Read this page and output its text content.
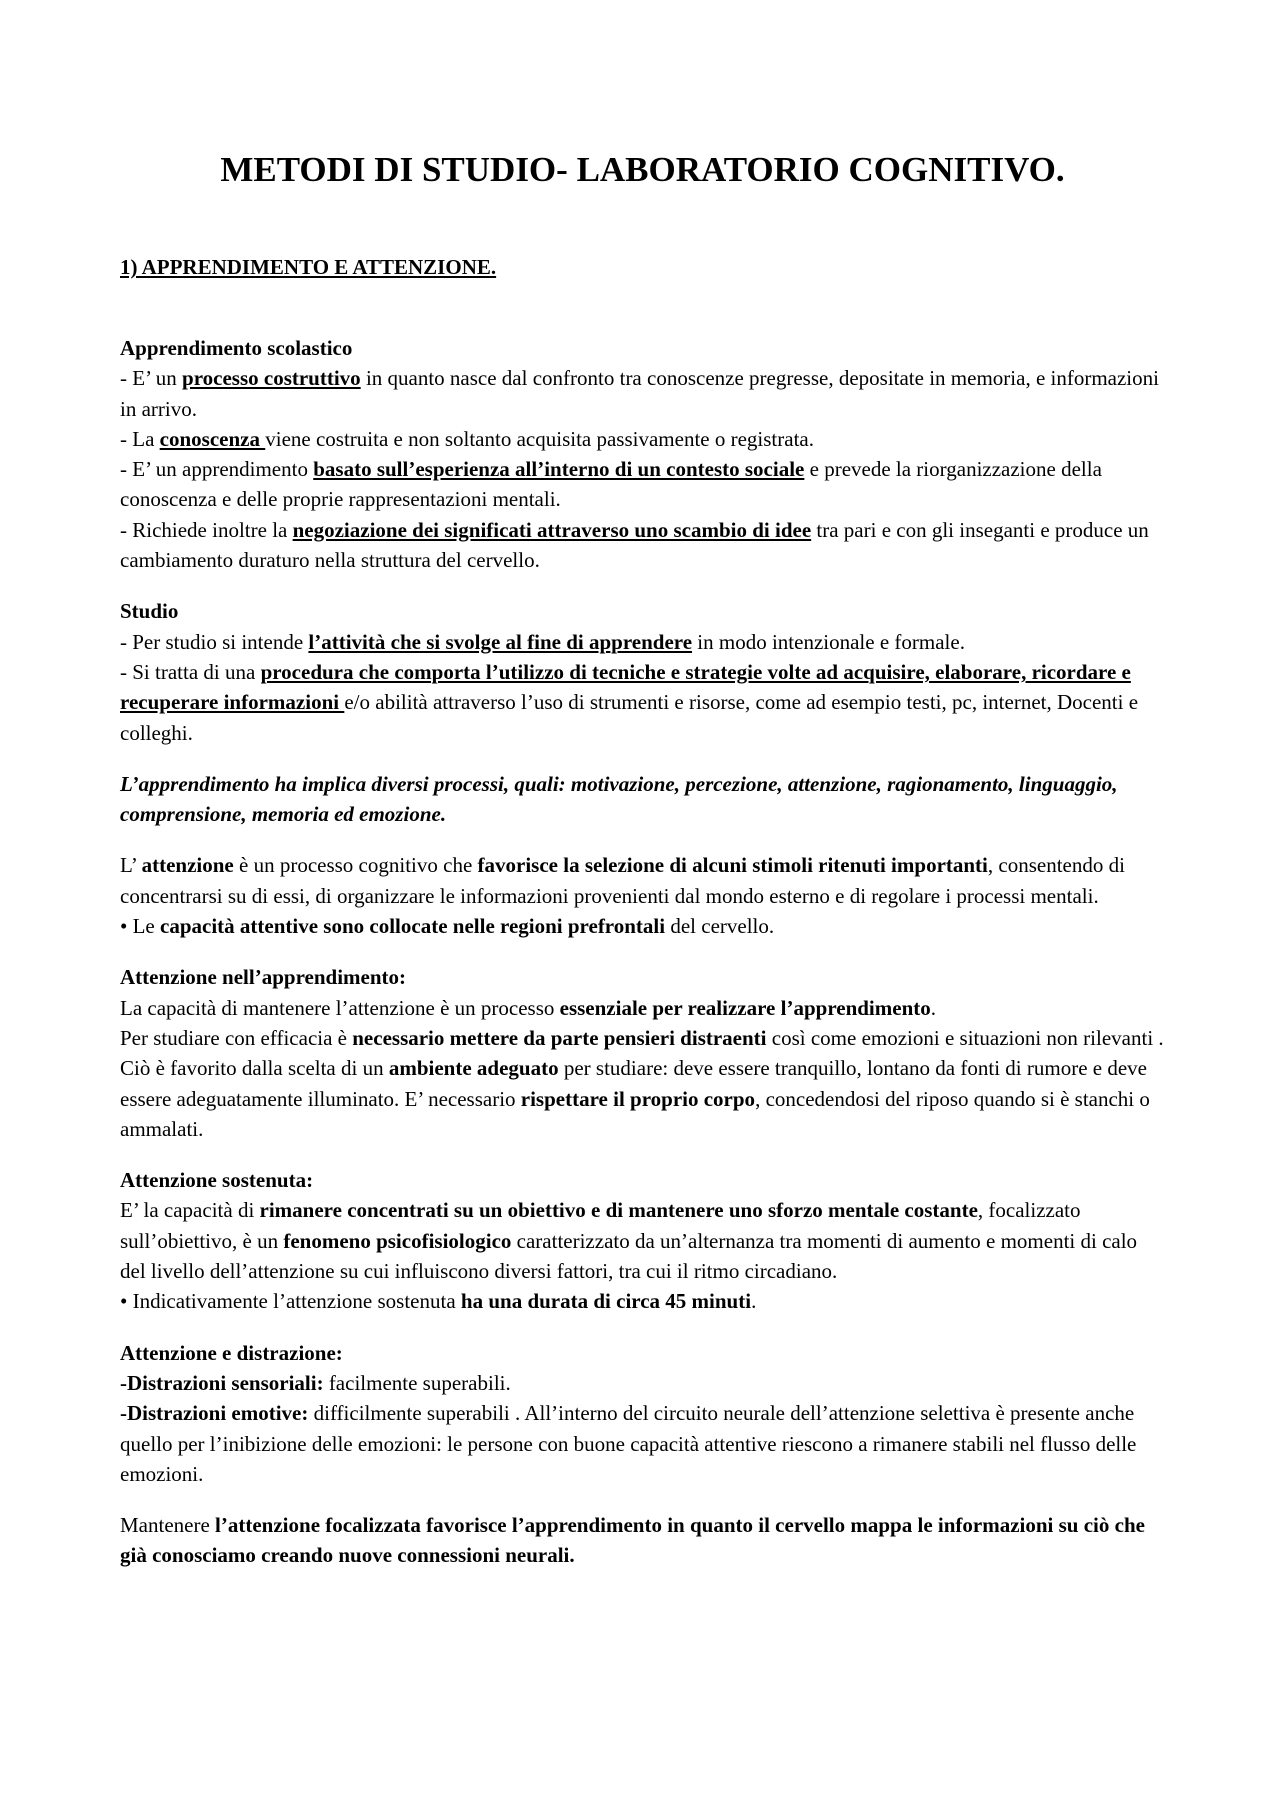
METODI DI STUDIO- LABORATORIO COGNITIVO.
1) APPRENDIMENTO E ATTENZIONE.

Apprendimento scolastico
- E’ un processo costruttivo in quanto nasce dal confronto tra conoscenze pregresse, depositate in memoria, e informazioni in arrivo.
- La conoscenza viene costruita e non soltanto acquisita passivamente o registrata.
- E’ un apprendimento basato sull’esperienza all’interno di un contesto sociale e prevede la riorganizzazione della conoscenza e delle proprie rappresentazioni mentali.
- Richiede inoltre la negoziazione dei significati attraverso uno scambio di idee tra pari e con gli inseganti e produce un cambiamento duraturo nella struttura del cervello.

Studio
- Per studio si intende l’attività che si svolge al fine di apprendere in modo intenzionale e formale.
- Si tratta di una procedura che comporta l’utilizzo di tecniche e strategie volte ad acquisire, elaborare, ricordare e recuperare informazioni e/o abilità attraverso l’uso di strumenti e risorse, come ad esempio testi, pc, internet, Docenti e colleghi.

L’apprendimento ha implica diversi processi, quali: motivazione, percezione, attenzione, ragionamento, linguaggio, comprensione, memoria ed emozione.

L’ attenzione è un processo cognitivo che favorisce la selezione di alcuni stimoli ritenuti importanti, consentendo di concentrarsi su di essi, di organizzare le informazioni provenienti dal mondo esterno e di regolare i processi mentali.
• Le capacità attentive sono collocate nelle regioni prefrontali del cervello.

Attenzione nell’apprendimento:
La capacità di mantenere l’attenzione è un processo essenziale per realizzare l’apprendimento.
Per studiare con efficacia è necessario mettere da parte pensieri distraenti così come emozioni e situazioni non rilevanti .
Ciò è favorito dalla scelta di un ambiente adeguato per studiare: deve essere tranquillo, lontano da fonti di rumore e deve essere adeguatamente illuminato. E’ necessario rispettare il proprio corpo, concedendosi del riposo quando si è stanchi o ammalati.

Attenzione sostenuta:
E’ la capacità di rimanere concentrati su un obiettivo e di mantenere uno sforzo mentale costante, focalizzato sull’obiettivo, è un fenomeno psicofisiologico caratterizzato da un’alternanza tra momenti di aumento e momenti di calo del livello dell’attenzione su cui influiscono diversi fattori, tra cui il ritmo circadiano.
• Indicativamente l’attenzione sostenuta ha una durata di circa 45 minuti.

Attenzione e distrazione:
-Distrazioni sensoriali: facilmente superabili.
-Distrazioni emotive: difficilmente superabili . All’interno del circuito neurale dell’attenzione selettiva è presente anche quello per l’inibizione delle emozioni: le persone con buone capacità attentive riescono a rimanere stabili nel flusso delle emozioni.

Mantenere l’attenzione focalizzata favorisce l’apprendimento in quanto il cervello mappa le informazioni su ciò che già conosciamo creando nuove connessioni neurali.
